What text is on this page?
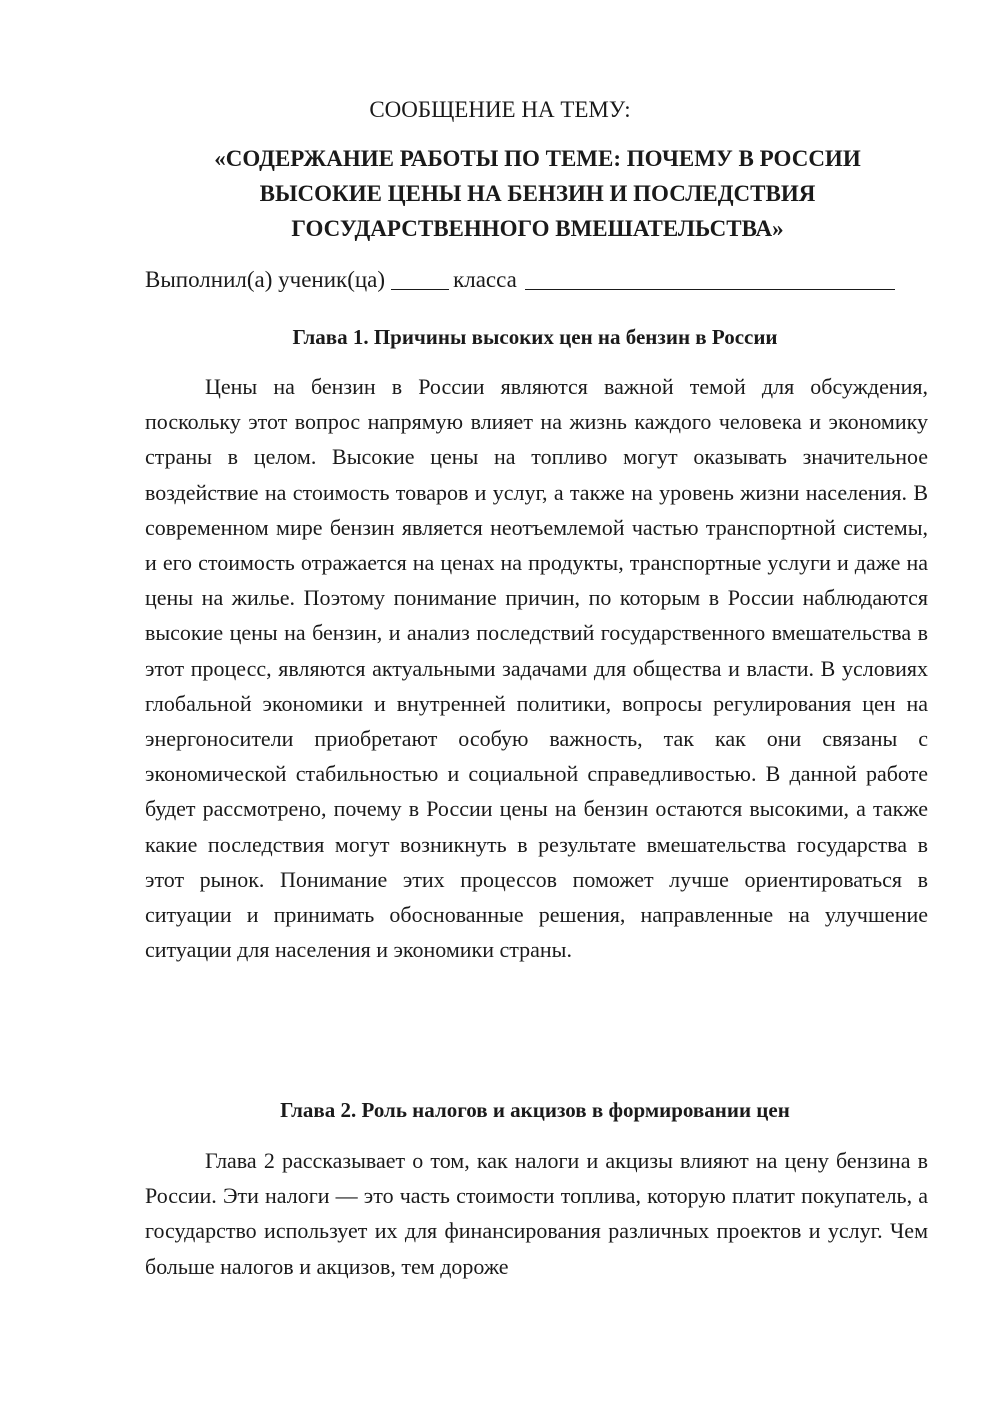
СООБЩЕНИЕ НА ТЕМУ:
«СОДЕРЖАНИЕ РАБОТЫ ПО ТЕМЕ: ПОЧЕМУ В РОССИИ
ВЫСОКИЕ ЦЕНЫ НА БЕНЗИН И ПОСЛЕДСТВИЯ
ГОСУДАРСТВЕННОГО ВМЕШАТЕЛЬСТВА»
Выполнил(а) ученик(ца)	класса
Глава 1. Причины высоких цен на бензин в России

Цены на бензин в России являются важной темой для обсуждения, поскольку этот вопрос напрямую влияет на жизнь каждого человека и экономику страны в целом. Высокие цены на топливо могут оказывать значительное воздействие на стоимость товаров и услуг, а также на уровень жизни населения. В современном мире бензин является неотъемлемой частью транспортной системы, и его стоимость отражается на ценах на продукты, транспортные услуги и даже на цены на жилье. Поэтому понимание причин, по которым в России наблюдаются высокие цены на бензин, и анализ последствий государственного вмешательства в этот процесс, являются актуальными задачами для общества и власти. В условиях глобальной экономики и внутренней политики, вопросы регулирования цен на энергоносители приобретают особую важность, так как они связаны с экономической стабильностью и социальной справедливостью. В данной работе будет рассмотрено, почему в России цены на бензин остаются высокими, а также какие последствия могут возникнуть в результате вмешательства государства в этот рынок. Понимание этих процессов поможет лучше ориентироваться в ситуации и принимать обоснованные решения, направленные на улучшение ситуации для населения и экономики страны.

Глава 2. Роль налогов и акцизов в формировании цен

Глава 2 рассказывает о том, как налоги и акцизы влияют на цену бензина в России. Эти налоги — это часть стоимости топлива, которую платит покупатель, а государство использует их для финансирования различных проектов и услуг. Чем больше налогов и акцизов, тем дороже
